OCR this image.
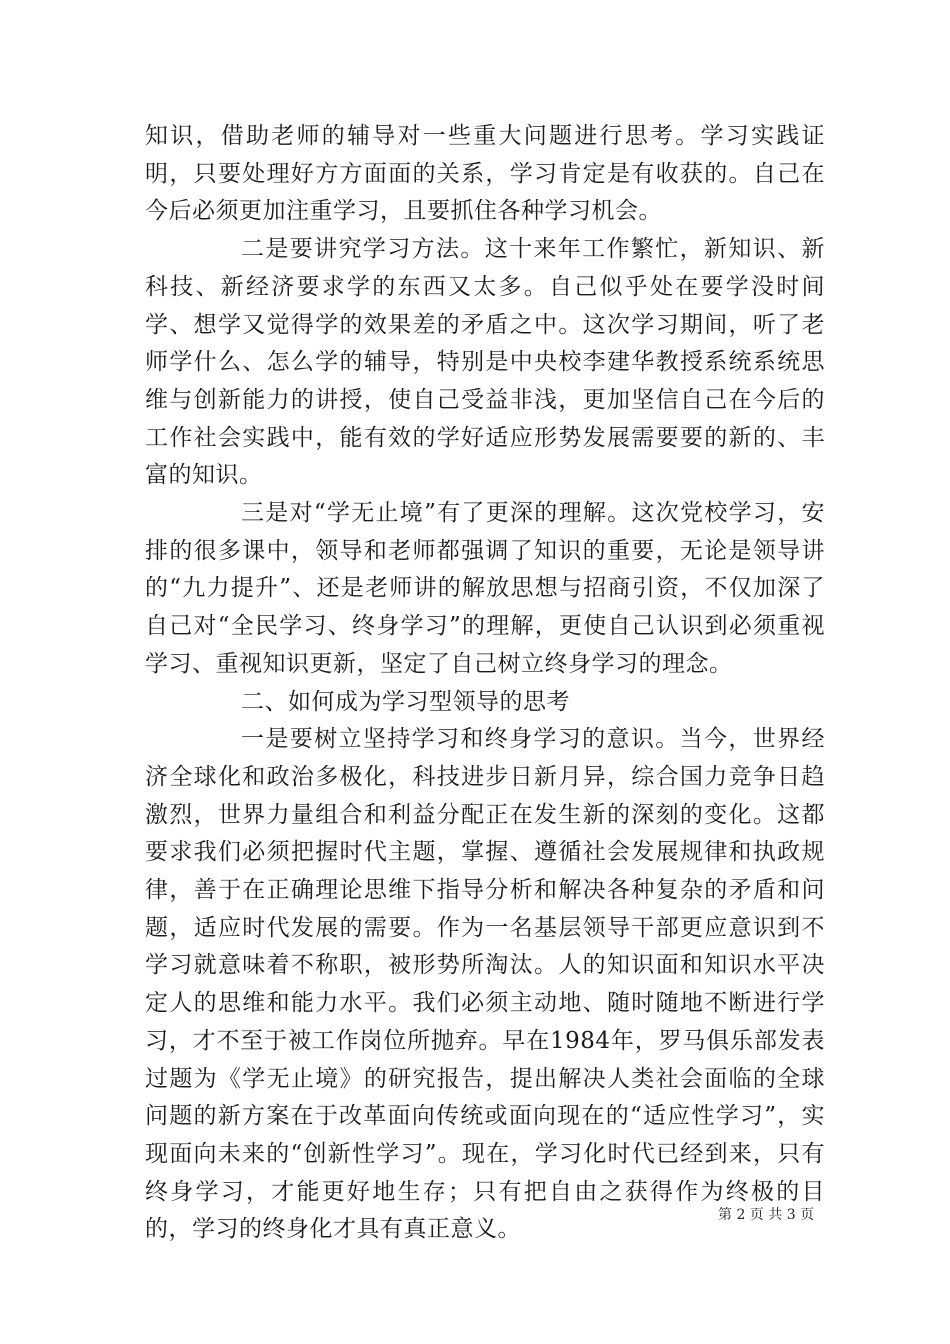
知识，借助老师的辅导对一些重大问题进行思考。学习实践证明，只要处理好方方面面的关系，学习肯定是有收获的。自己在今后必须更加注重学习，且要抓住各种学习机会。

二是要讲究学习方法。这十来年工作繁忙，新知识、新科技、新经济要求学的东西又太多。自己似乎处在要学没时间学、想学又觉得学的效果差的矛盾之中。这次学习期间，听了老师学什么、怎么学的辅导，特别是中央校李建华教授系统系统思维与创新能力的讲授，使自己受益非浅，更加坚信自己在今后的工作社会实践中，能有效的学好适应形势发展需要要的新的、丰富的知识。

三是对“学无止境”有了更深的理解。这次党校学习，安排的很多课中，领导和老师都强调了知识的重要，无论是领导讲的“九力提升”、还是老师讲的解放思想与招商引资，不仅加深了自己对“全民学习、终身学习”的理解，更使自己认识到必须重视学习、重视知识更新，坚定了自己树立终身学习的理念。

二、如何成为学习型领导的思考

一是要树立坚持学习和终身学习的意识。当今，世界经济全球化和政治多极化，科技进步日新月异，综合国力竞争日趋激烈，世界力量组合和利益分配正在发生新的深刻的变化。这都要求我们必须把握时代主题，掌握、遵循社会发展规律和执政规律，善于在正确理论思维下指导分析和解决各种复杂的矛盾和问题，适应时代发展的需要。作为一名基层领导干部更应意识到不学习就意味着不称职，被形势所淘汰。人的知识面和知识水平决定人的思维和能力水平。我们必须主动地、随时随地不断进行学习，才不至于被工作岗位所抛弃。早在1984年，罗马俱乐部发表过题为《学无止境》的研究报告，提出解决人类社会面临的全球问题的新方案在于改革面向传统或面向现在的“适应性学习”，实现面向未来的“创新性学习”。现在，学习化时代已经到来，只有终身学习，才能更好地生存；只有把自由之获得作为终极的目的，学习的终身化才具有真正意义。

第 2 页 共 3 页
